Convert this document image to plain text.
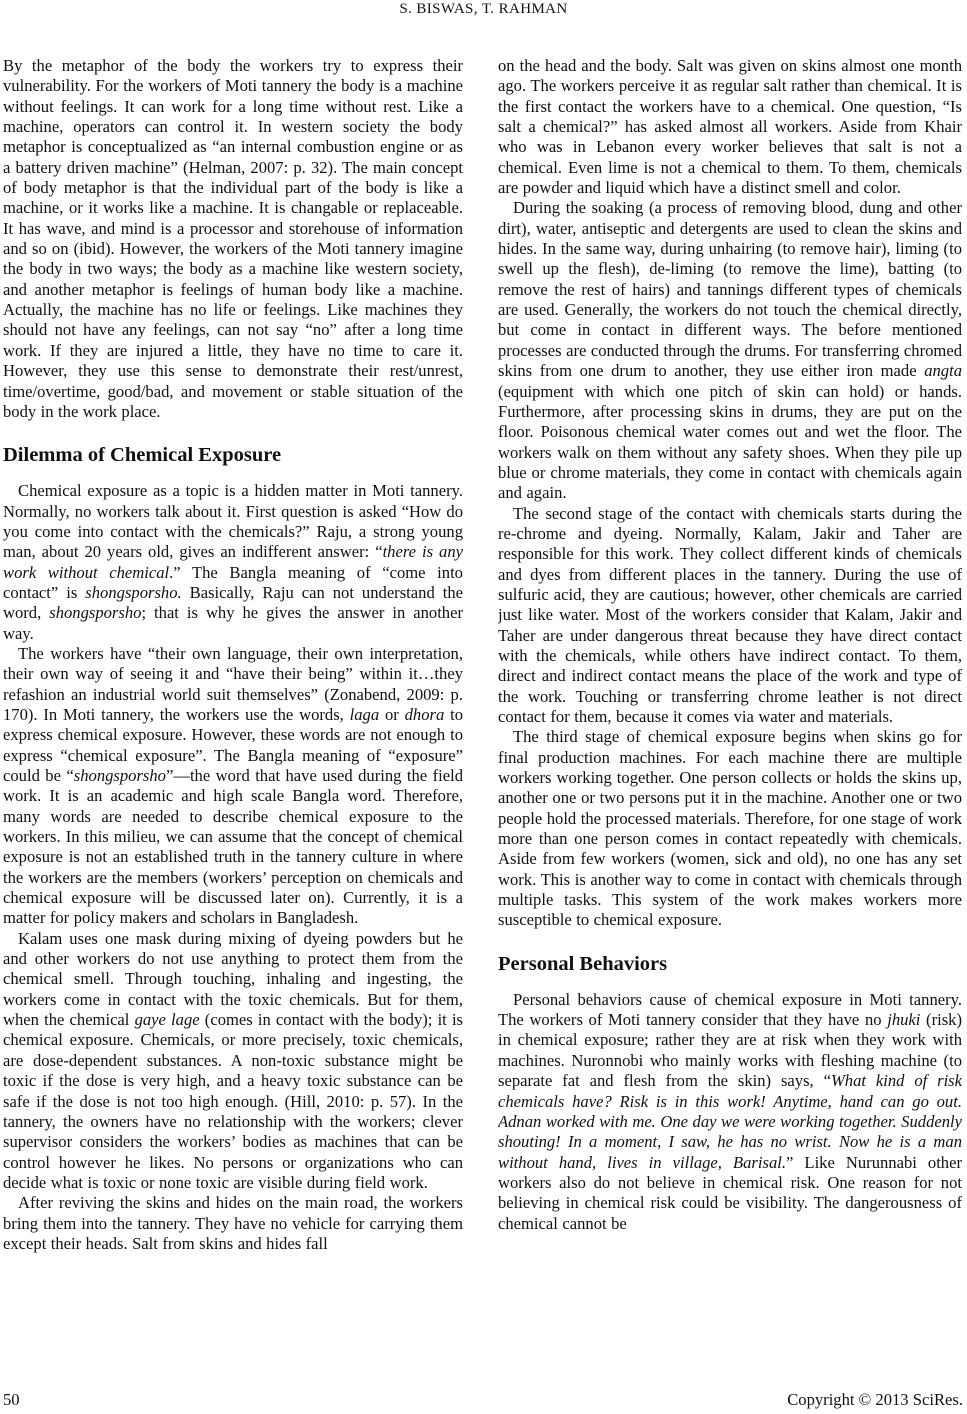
S. BISWAS, T. RAHMAN

By the metaphor of the body the workers try to express their vulnerability. For the workers of Moti tannery the body is a machine without feelings. It can work for a long time without rest. Like a machine, operators can control it. In western society the body metaphor is conceptualized as “an internal combustion engine or as a battery driven machine” (Helman, 2007: p. 32). The main concept of body metaphor is that the individual part of the body is like a machine, or it works like a machine. It is changable or replaceable. It has wave, and mind is a processor and storehouse of information and so on (ibid). However, the workers of the Moti tannery imagine the body in two ways; the body as a machine like western society, and another metaphor is feelings of human body like a machine. Actually, the machine has no life or feelings. Like machines they should not have any feelings, can not say “no” after a long time work. If they are injured a little, they have no time to care it. However, they use this sense to demonstrate their rest/unrest, time/overtime, good/bad, and movement or stable situation of the body in the work place.

Dilemma of Chemical Exposure

Chemical exposure as a topic is a hidden matter in Moti tannery. Normally, no workers talk about it. First question is asked “How do you come into contact with the chemicals?” Raju, a strong young man, about 20 years old, gives an indifferent answer: “there is any work without chemical.” The Bangla meaning of “come into contact” is shongsporsho. Basically, Raju can not understand the word, shongsporsho; that is why he gives the answer in another way.

The workers have “their own language, their own interpretation, their own way of seeing it and “have their being” within it…they refashion an industrial world suit themselves” (Zonabend, 2009: p. 170). In Moti tannery, the workers use the words, laga or dhora to express chemical exposure. However, these words are not enough to express “chemical exposure”. The Bangla meaning of “exposure” could be “shongsporsho”—the word that have used during the field work. It is an academic and high scale Bangla word. Therefore, many words are needed to describe chemical exposure to the workers. In this milieu, we can assume that the concept of chemical exposure is not an established truth in the tannery culture in where the workers are the members (workers’ perception on chemicals and chemical exposure will be discussed later on). Currently, it is a matter for policy makers and scholars in Bangladesh.

Kalam uses one mask during mixing of dyeing powders but he and other workers do not use anything to protect them from the chemical smell. Through touching, inhaling and ingesting, the workers come in contact with the toxic chemicals. But for them, when the chemical gaye lage (comes in contact with the body); it is chemical exposure. Chemicals, or more precisely, toxic chemicals, are dose-dependent substances. A non-toxic substance might be toxic if the dose is very high, and a heavy toxic substance can be safe if the dose is not too high enough. (Hill, 2010: p. 57). In the tannery, the owners have no relationship with the workers; clever supervisor considers the workers’ bodies as machines that can be control however he likes. No persons or organizations who can decide what is toxic or none toxic are visible during field work.

After reviving the skins and hides on the main road, the workers bring them into the tannery. They have no vehicle for carrying them except their heads. Salt from skins and hides fall

on the head and the body. Salt was given on skins almost one month ago. The workers perceive it as regular salt rather than chemical. It is the first contact the workers have to a chemical. One question, “Is salt a chemical?” has asked almost all workers. Aside from Khair who was in Lebanon every worker believes that salt is not a chemical. Even lime is not a chemical to them. To them, chemicals are powder and liquid which have a distinct smell and color.

During the soaking (a process of removing blood, dung and other dirt), water, antiseptic and detergents are used to clean the skins and hides. In the same way, during unhairing (to remove hair), liming (to swell up the flesh), de-liming (to remove the lime), batting (to remove the rest of hairs) and tannings different types of chemicals are used. Generally, the workers do not touch the chemical directly, but come in contact in different ways. The before mentioned processes are conducted through the drums. For transferring chromed skins from one drum to another, they use either iron made angta (equipment with which one pitch of skin can hold) or hands. Furthermore, after processing skins in drums, they are put on the floor. Poisonous chemical water comes out and wet the floor. The workers walk on them without any safety shoes. When they pile up blue or chrome materials, they come in contact with chemicals again and again.

The second stage of the contact with chemicals starts during the re-chrome and dyeing. Normally, Kalam, Jakir and Taher are responsible for this work. They collect different kinds of chemicals and dyes from different places in the tannery. During the use of sulfuric acid, they are cautious; however, other chemicals are carried just like water. Most of the workers consider that Kalam, Jakir and Taher are under dangerous threat because they have direct contact with the chemicals, while others have indirect contact. To them, direct and indirect contact means the place of the work and type of the work. Touching or transferring chrome leather is not direct contact for them, because it comes via water and materials.

The third stage of chemical exposure begins when skins go for final production machines. For each machine there are multiple workers working together. One person collects or holds the skins up, another one or two persons put it in the machine. Another one or two people hold the processed materials. Therefore, for one stage of work more than one person comes in contact repeatedly with chemicals. Aside from few workers (women, sick and old), no one has any set work. This is another way to come in contact with chemicals through multiple tasks. This system of the work makes workers more susceptible to chemical exposure.

Personal Behaviors

Personal behaviors cause of chemical exposure in Moti tannery. The workers of Moti tannery consider that they have no jhuki (risk) in chemical exposure; rather they are at risk when they work with machines. Nuronnobi who mainly works with fleshing machine (to separate fat and flesh from the skin) says, “What kind of risk chemicals have? Risk is in this work! Anytime, hand can go out. Adnan worked with me. One day we were working together. Suddenly shouting! In a moment, I saw, he has no wrist. Now he is a man without hand, lives in village, Barisal.” Like Nurunnabi other workers also do not believe in chemical risk. One reason for not believing in chemical risk could be visibility. The dangerousness of chemical cannot be

50	Copyright © 2013 SciRes.
